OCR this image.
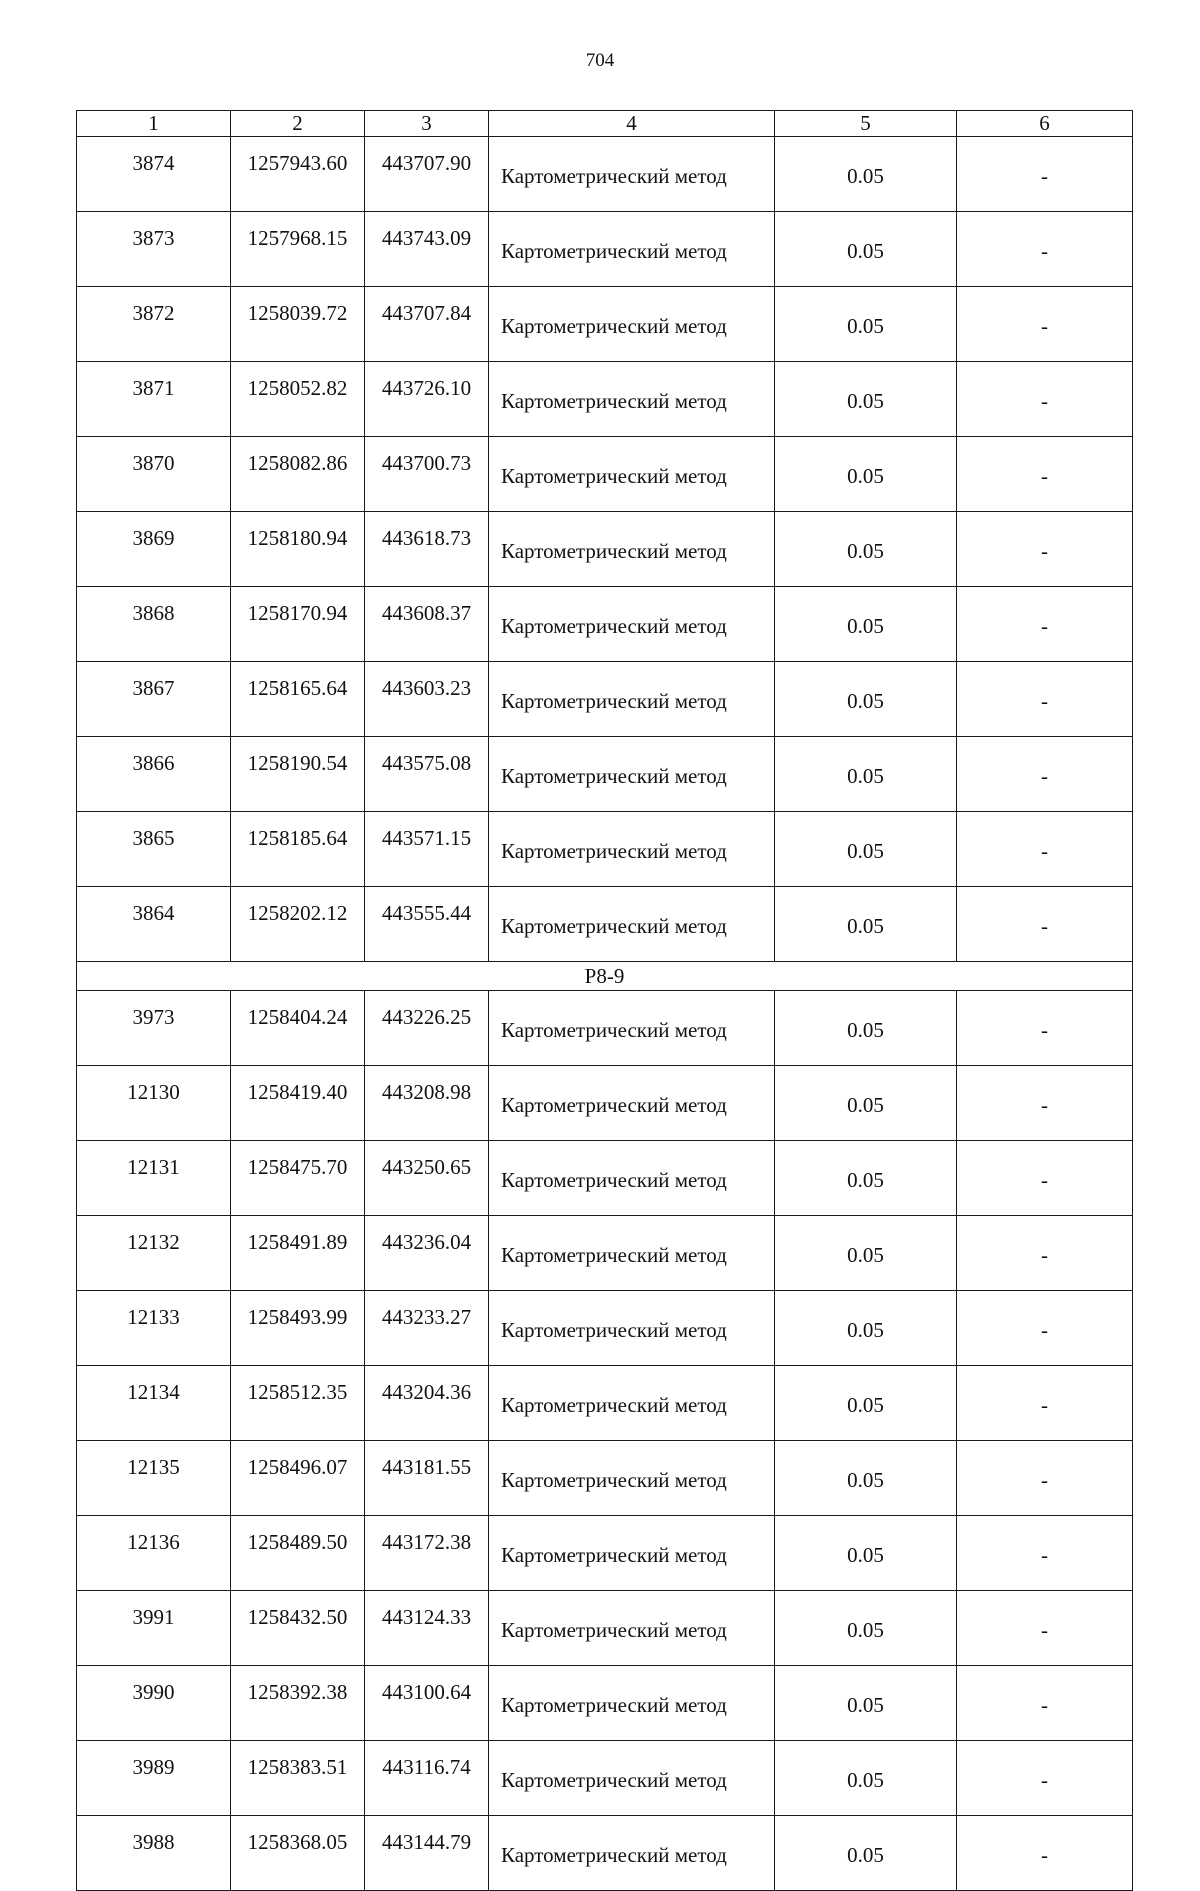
704
1	2	3	4	5	6
3874	1257943.60	443707.90	Картометрический метод	0.05	-
3873	1257968.15	443743.09	Картометрический метод	0.05	-
3872	1258039.72	443707.84	Картометрический метод	0.05	-
3871	1258052.82	443726.10	Картометрический метод	0.05	-
3870	1258082.86	443700.73	Картометрический метод	0.05	-
3869	1258180.94	443618.73	Картометрический метод	0.05	-
3868	1258170.94	443608.37	Картометрический метод	0.05	-
3867	1258165.64	443603.23	Картометрический метод	0.05	-
3866	1258190.54	443575.08	Картометрический метод	0.05	-
3865	1258185.64	443571.15	Картометрический метод	0.05	-
3864	1258202.12	443555.44	Картометрический метод	0.05	-
Р8-9					
3973	1258404.24	443226.25	Картометрический метод	0.05	-
12130	1258419.40	443208.98	Картометрический метод	0.05	-
12131	1258475.70	443250.65	Картометрический метод	0.05	-
12132	1258491.89	443236.04	Картометрический метод	0.05	-
12133	1258493.99	443233.27	Картометрический метод	0.05	-
12134	1258512.35	443204.36	Картометрический метод	0.05	-
12135	1258496.07	443181.55	Картометрический метод	0.05	-
12136	1258489.50	443172.38	Картометрический метод	0.05	-
3991	1258432.50	443124.33	Картометрический метод	0.05	-
3990	1258392.38	443100.64	Картометрический метод	0.05	-
3989	1258383.51	443116.74	Картометрический метод	0.05	-
3988	1258368.05	443144.79	Картометрический метод	0.05	-
